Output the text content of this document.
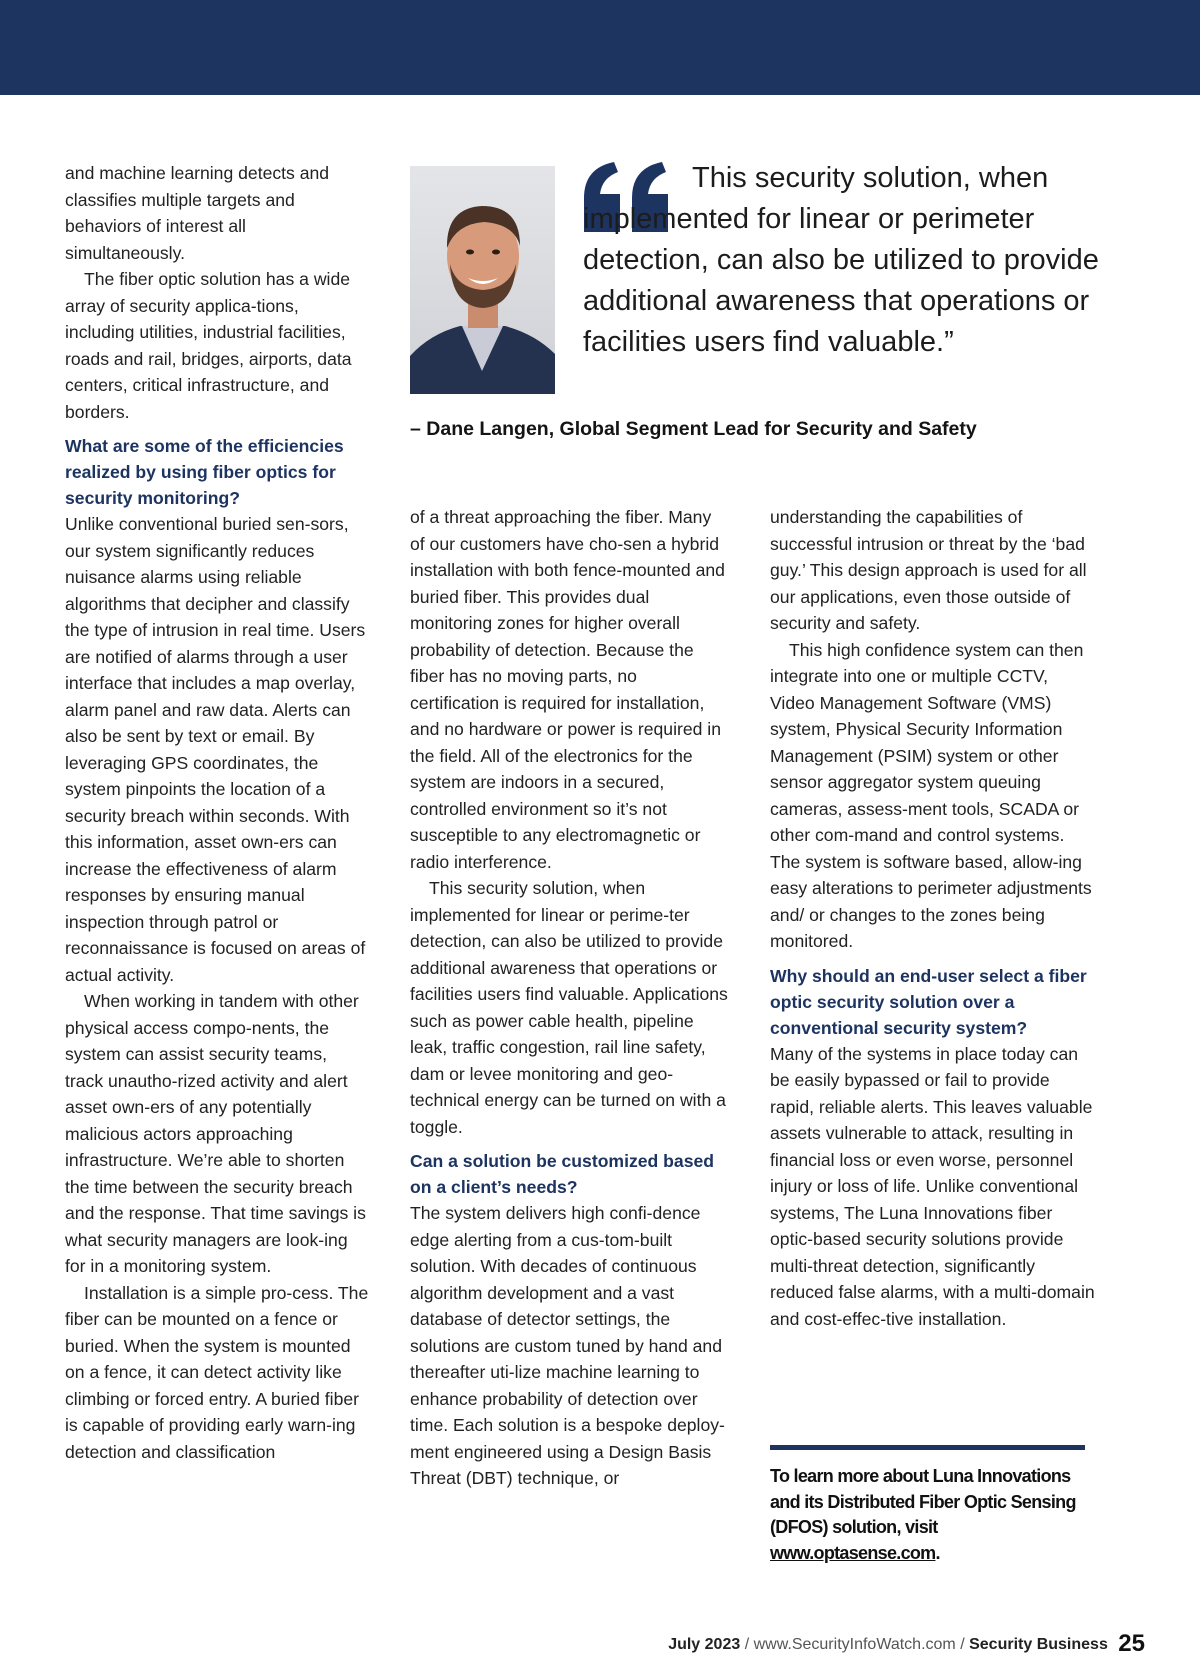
and machine learning detects and classifies multiple targets and behaviors of interest all simultaneously.

The fiber optic solution has a wide array of security applica-tions, including utilities, industrial facilities, roads and rail, bridges, airports, data centers, critical infrastructure, and borders.

What are some of the efficiencies realized by using fiber optics for security monitoring?

Unlike conventional buried sen-sors, our system significantly reduces nuisance alarms using reliable algorithms that decipher and classify the type of intrusion in real time. Users are notified of alarms through a user interface that includes a map overlay, alarm panel and raw data. Alerts can also be sent by text or email. By leveraging GPS coordinates, the system pinpoints the location of a security breach within seconds. With this information, asset own-ers can increase the effectiveness of alarm responses by ensuring manual inspection through patrol or reconnaissance is focused on areas of actual activity.

When working in tandem with other physical access compo-nents, the system can assist security teams, track unautho-rized activity and alert asset own-ers of any potentially malicious actors approaching infrastructure. We’re able to shorten the time between the security breach and the response. That time savings is what security managers are look-ing for in a monitoring system.

Installation is a simple pro-cess. The fiber can be mounted on a fence or buried. When the system is mounted on a fence, it can detect activity like climbing or forced entry. A buried fiber is capable of providing early warn-ing detection and classification

This security solution, when implemented for linear or perimeter detection, can also be utilized to provide additional awareness that operations or facilities users find valuable.”

– Dane Langen, Global Segment Lead for Security and Safety

of a threat approaching the fiber. Many of our customers have cho-sen a hybrid installation with both fence-mounted and buried fiber. This provides dual monitoring zones for higher overall probability of detection. Because the fiber has no moving parts, no certification is required for installation, and no hardware or power is required in the field. All of the electronics for the system are indoors in a secured, controlled environment so it’s not susceptible to any electromagnetic or radio interference.

This security solution, when implemented for linear or perime-ter detection, can also be utilized to provide additional awareness that operations or facilities users find valuable. Applications such as power cable health, pipeline leak, traffic congestion, rail line safety, dam or levee monitoring and geo-technical energy can be turned on with a toggle.

Can a solution be customized based on a client’s needs?

The system delivers high confi-dence edge alerting from a cus-tom-built solution. With decades of continuous algorithm development and a vast database of detector settings, the solutions are custom tuned by hand and thereafter uti-lize machine learning to enhance probability of detection over time. Each solution is a bespoke deploy-ment engineered using a Design Basis Threat (DBT) technique, or

understanding the capabilities of successful intrusion or threat by the ‘bad guy.’ This design approach is used for all our applications, even those outside of security and safety.

This high confidence system can then integrate into one or multiple CCTV, Video Management Software (VMS) system, Physical Security Information Management (PSIM) system or other sensor aggregator system queuing cameras, assess-ment tools, SCADA or other com-mand and control systems. The system is software based, allow-ing easy alterations to perimeter adjustments and/ or changes to the zones being monitored.

Why should an end-user select a fiber optic security solution over a conventional security system?

Many of the systems in place today can be easily bypassed or fail to provide rapid, reliable alerts. This leaves valuable assets vulnerable to attack, resulting in financial loss or even worse, personnel injury or loss of life. Unlike conventional systems, The Luna Innovations fiber optic-based security solutions provide multi-threat detection, significantly reduced false alarms, with a multi-domain and cost-effec-tive installation.

To learn more about Luna Innovations and its Distributed Fiber Optic Sensing (DFOS) solution, visit www.optasense.com.

July 2023 / www.SecurityInfoWatch.com / Security Business 25
